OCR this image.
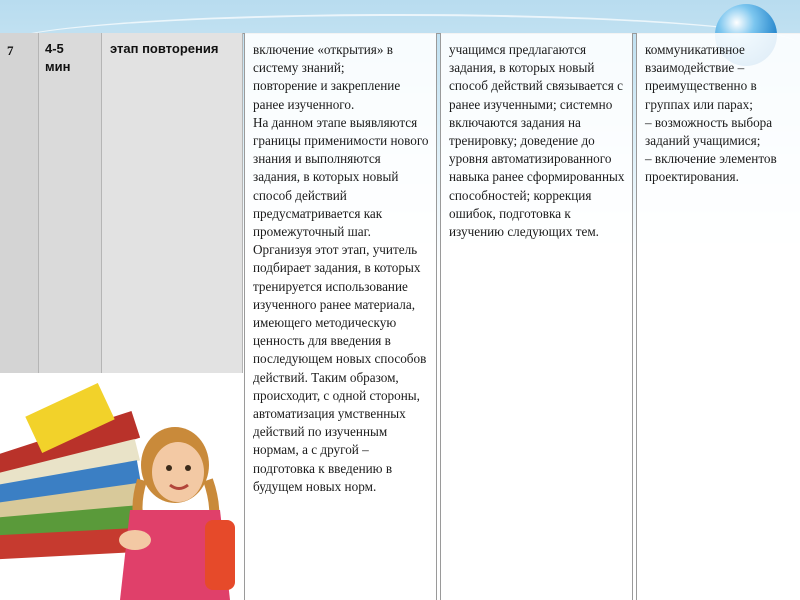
7 4-5
мин
этап повторения	включение «открытия» в систему знаний;
повторение и закрепление ранее изученного.
На данном этапе выявляются границы применимости нового знания и выполняются задания, в которых новый способ действий предусматривается как промежуточный шаг. Организуя этот этап, учитель подбирает задания, в которых тренируется использование изученного ранее материала, имеющего методическую ценность для введения в последующем новых способов действий. Таким образом, происходит, с одной стороны, автоматизация умственных действий по изученным нормам, а с другой – подготовка к введению в будущем новых норм.
учащимся предлагаются задания, в которых новый способ действий связывается с ранее изученными; системно включаются задания на тренировку; доведение до уровня автоматизированного навыка ранее сформированных способностей; коррекция ошибок, подготовка к изучению следующих тем.
коммуникативное взаимодействие – преимущественно в группах или парах;
– возможность выбора заданий учащимися;
– включение элементов проектирования.
